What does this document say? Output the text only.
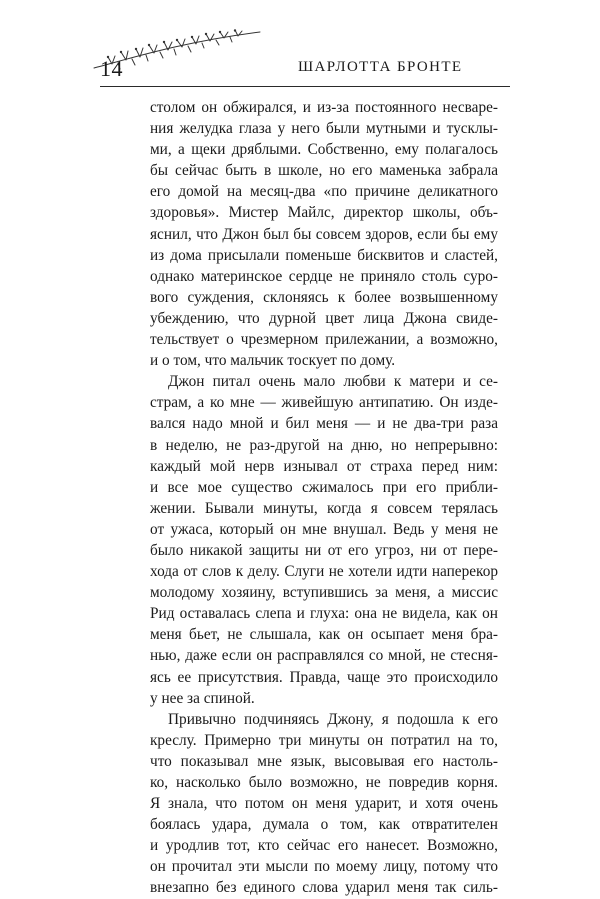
14	ШАРЛОТТА БРОНТЕ
столом он обжирался, и из-за постоянного несваре-
ния желудка глаза у него были мутными и тусклы-
ми, а щеки дряблыми. Собственно, ему полагалось
бы сейчас быть в школе, но его маменька забрала
его домой на месяц-два «по причине деликатного
здоровья». Мистер Майлс, директор школы, объ-
яснил, что Джон был бы совсем здоров, если бы ему
из дома присылали поменьше бисквитов и сластей,
однако материнское сердце не приняло столь суро-
вого суждения, склоняясь к более возвышенному
убеждению, что дурной цвет лица Джона свиде-
тельствует о чрезмерном прилежании, а возможно,
и о том, что мальчик тоскует по дому.
Джон питал очень мало любви к матери и се-
страм, а ко мне — живейшую антипатию. Он изде-
вался надо мной и бил меня — и не два-три раза
в неделю, не раз-другой на дню, но непрерывно:
каждый мой нерв изнывал от страха перед ним:
и все мое существо сжималось при его прибли-
жении. Бывали минуты, когда я совсем терялась
от ужаса, который он мне внушал. Ведь у меня не
было никакой защиты ни от его угроз, ни от пере-
хода от слов к делу. Слуги не хотели идти наперекор
молодому хозяину, вступившись за меня, а миссис
Рид оставалась слепа и глуха: она не видела, как он
меня бьет, не слышала, как он осыпает меня бра-
нью, даже если он расправлялся со мной, не стесня-
ясь ее присутствия. Правда, чаще это происходило
у нее за спиной.
Привычно подчиняясь Джону, я подошла к его
креслу. Примерно три минуты он потратил на то,
что показывал мне язык, высовывая его настоль-
ко, насколько было возможно, не повредив корня.
Я знала, что потом он меня ударит, и хотя очень
боялась удара, думала о том, как отвратителен
и уродлив тот, кто сейчас его нанесет. Возможно,
он прочитал эти мысли по моему лицу, потому что
внезапно без единого слова ударил меня так силь-
